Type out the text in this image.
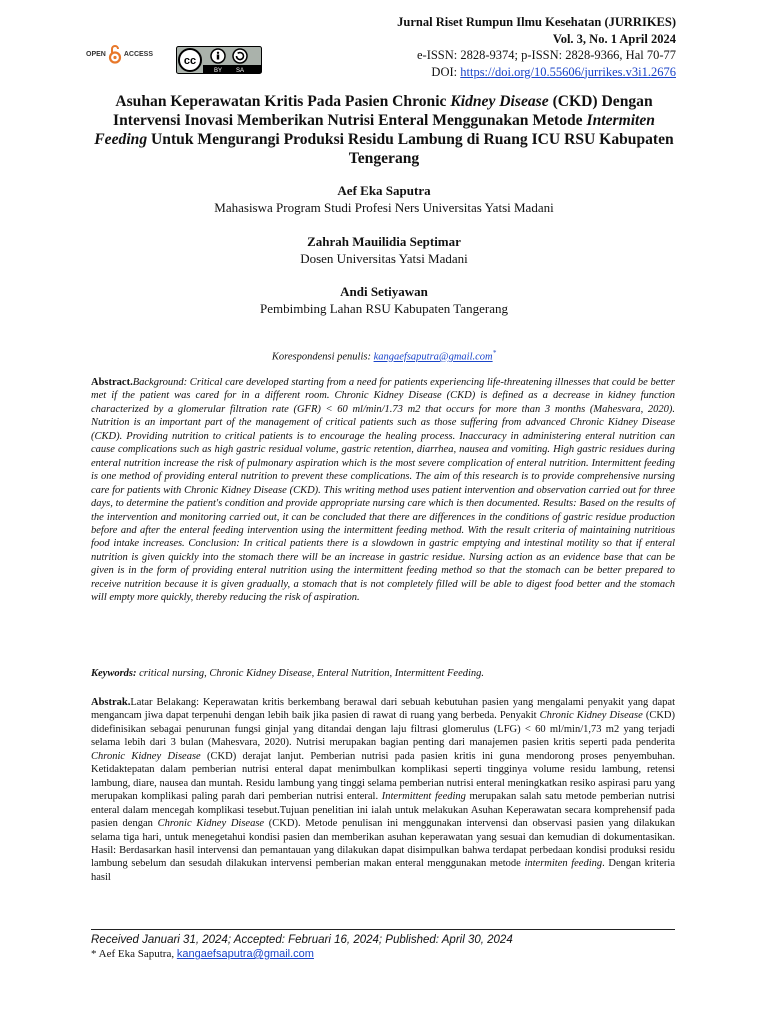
Jurnal Riset Rumpun Ilmu Kesehatan (JURRIKES)
Vol. 3, No. 1 April 2024
e-ISSN: 2828-9374; p-ISSN: 2828-9366, Hal 70-77
DOI: https://doi.org/10.55606/jurrikes.v3i1.2676
OPEN	ACCESS
cc
BY SA
Asuhan Keperawatan Kritis Pada Pasien Chronic Kidney Disease (CKD) Dengan Intervensi Inovasi Memberikan Nutrisi Enteral Menggunakan Metode Intermiten Feeding Untuk Mengurangi Produksi Residu Lambung di Ruang ICU RSU Kabupaten Tengerang
Aef Eka Saputra
Mahasiswa Program Studi Profesi Ners Universitas Yatsi Madani
Zahrah Mauilidia Septimar
Dosen Universitas Yatsi Madani
Andi Setiyawan
Pembimbing Lahan RSU Kabupaten Tangerang
Korespondensi penulis: kangaefsaputra@gmail.com*
Abstract.Background: Critical care developed starting from a need for patients experiencing life-threatening illnesses that could be better met if the patient was cared for in a different room. Chronic Kidney Disease (CKD) is defined as a decrease in kidney function characterized by a glomerular filtration rate (GFR) < 60 ml/min/1.73 m2 that occurs for more than 3 months (Mahesvara, 2020). Nutrition is an important part of the management of critical patients such as those suffering from advanced Chronic Kidney Disease (CKD). Providing nutrition to critical patients is to encourage the healing process. Inaccuracy in administering enteral nutrition can cause complications such as high gastric residual volume, gastric retention, diarrhea, nausea and vomiting. High gastric residues during enteral nutrition increase the risk of pulmonary aspiration which is the most severe complication of enteral nutrition. Intermittent feeding is one method of providing enteral nutrition to prevent these complications. The aim of this research is to provide comprehensive nursing care for patients with Chronic Kidney Disease (CKD). This writing method uses patient intervention and observation carried out for three days, to determine the patient's condition and provide appropriate nursing care which is then documented. Results: Based on the results of the intervention and monitoring carried out, it can be concluded that there are differences in the conditions of gastric residue production before and after the enteral feeding intervention using the intermittent feeding method. With the result criteria of maintaining nutritious food intake increases. Conclusion: In critical patients there is a slowdown in gastric emptying and intestinal motility so that if enteral nutrition is given quickly into the stomach there will be an increase in gastric residue. Nursing action as an evidence base that can be given is in the form of providing enteral nutrition using the intermittent feeding method so that the stomach can be better prepared to receive nutrition because it is given gradually, a stomach that is not completely filled will be able to digest food better and the stomach will empty more quickly, thereby reducing the risk of aspiration.
Keywords: critical nursing, Chronic Kidney Disease, Enteral Nutrition, Intermittent Feeding.
Abstrak.Latar Belakang: Keperawatan kritis berkembang berawal dari sebuah kebutuhan pasien yang mengalami penyakit yang dapat mengancam jiwa dapat terpenuhi dengan lebih baik jika pasien di rawat di ruang yang berbeda. Penyakit Chronic Kidney Disease (CKD) didefinisikan sebagai penurunan fungsi ginjal yang ditandai dengan laju filtrasi glomerulus (LFG) < 60 ml/min/1,73 m2 yang terjadi selama lebih dari 3 bulan (Mahesvara, 2020). Nutrisi merupakan bagian penting dari manajemen pasien kritis seperti pada penderita Chronic Kidney Disease (CKD) derajat lanjut. Pemberian nutrisi pada pasien kritis ini guna mendorong proses penyembuhan. Ketidaktepatan dalam pemberian nutrisi enteral dapat menimbulkan komplikasi seperti tingginya volume residu lambung, retensi lambung, diare, nausea dan muntah. Residu lambung yang tinggi selama pemberian nutrisi enteral meningkatkan resiko aspirasi paru yang merupakan komplikasi paling parah dari pemberian nutrisi enteral. Intermittent feeding merupakan salah satu metode pemberian nutrisi enteral dalam mencegah komplikasi tesebut.Tujuan penelitian ini ialah untuk melakukan Asuhan Keperawatan secara komprehensif pada pasien dengan Chronic Kidney Disease (CKD). Metode penulisan ini menggunakan intervensi dan observasi pasien yang dilakukan selama tiga hari, untuk menegetahui kondisi pasien dan memberikan asuhan keperawatan yang sesuai dan kemudian di dokumentasikan. Hasil: Berdasarkan hasil intervensi dan pemantauan yang dilakukan dapat disimpulkan bahwa terdapat perbedaan kondisi produksi residu lambung sebelum dan sesudah dilakukan intervensi pemberian makan enteral menggunakan metode intermiten feeding. Dengan kriteria hasil
Received Januari 31, 2024; Accepted: Februari 16, 2024; Published: April 30, 2024
* Aef Eka Saputra, kangaefsaputra@gmail.com
